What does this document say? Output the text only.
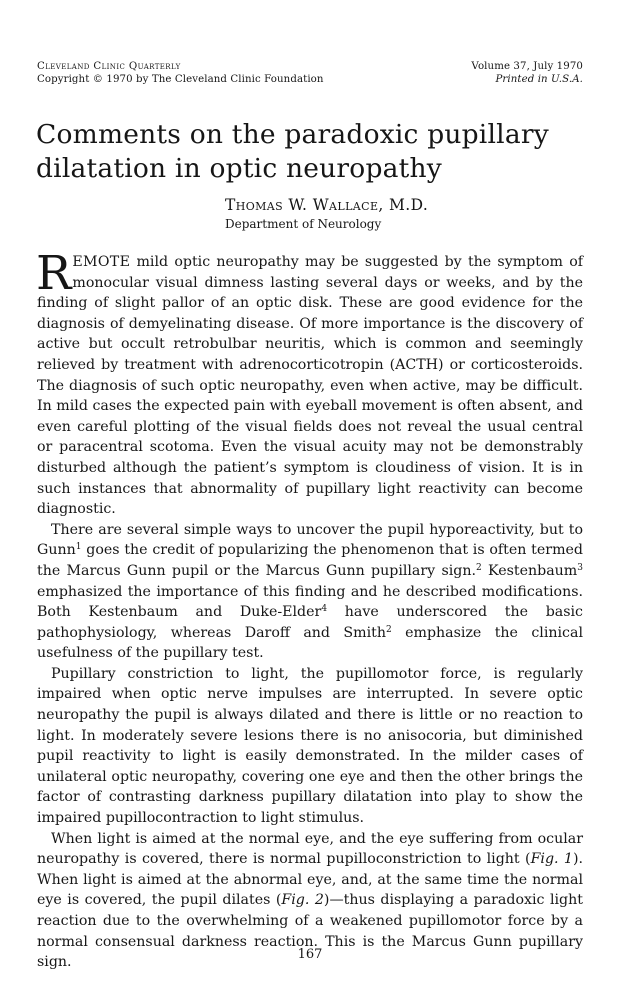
Cleveland Clinic Quarterly
Copyright © 1970 by The Cleveland Clinic Foundation
Volume 37, July 1970
Printed in U.S.A.
Comments on the paradoxic pupillary dilatation in optic neuropathy
Thomas W. Wallace, M.D.
Department of Neurology

REMOTE mild optic neuropathy may be suggested by the symptom of monocular visual dimness lasting several days or weeks, and by the finding of slight pallor of an optic disk. These are good evidence for the diagnosis of demyelinating disease. Of more importance is the discovery of active but occult retrobulbar neuritis, which is common and seemingly relieved by treatment with adrenocorticotropin (ACTH) or corticosteroids. The diagnosis of such optic neuropathy, even when active, may be difficult. In mild cases the expected pain with eyeball movement is often absent, and even careful plotting of the visual fields does not reveal the usual central or paracentral scotoma. Even the visual acuity may not be demonstrably disturbed although the patient’s symptom is cloudiness of vision. It is in such instances that abnormality of pupillary light reactivity can become diagnostic.

There are several simple ways to uncover the pupil hyporeactivity, but to Gunn$^1$ goes the credit of popularizing the phenomenon that is often termed the Marcus Gunn pupil or the Marcus Gunn pupillary sign.$^2$ Kestenbaum$^3$ emphasized the importance of this finding and he described modifications. Both Kestenbaum and Duke-Elder$^4$ have underscored the basic pathophysiology, whereas Daroff and Smith$^2$ emphasize the clinical usefulness of the pupillary test.

Pupillary constriction to light, the pupillomotor force, is regularly impaired when optic nerve impulses are interrupted. In severe optic neuropathy the pupil is always dilated and there is little or no reaction to light. In moderately severe lesions there is no anisocoria, but diminished pupil reactivity to light is easily demonstrated. In the milder cases of unilateral optic neuropathy, covering one eye and then the other brings the factor of contrasting darkness pupillary dilatation into play to show the impaired pupillocontraction to light stimulus.

When light is aimed at the normal eye, and the eye suffering from ocular neuropathy is covered, there is normal pupilloconstriction to light (Fig. 1). When light is aimed at the abnormal eye, and, at the same time the normal eye is covered, the pupil dilates (Fig. 2)—thus displaying a paradoxic light reaction due to the overwhelming of a weakened pupillomotor force by a normal consensual darkness reaction. This is the Marcus Gunn pupillary sign.	167
